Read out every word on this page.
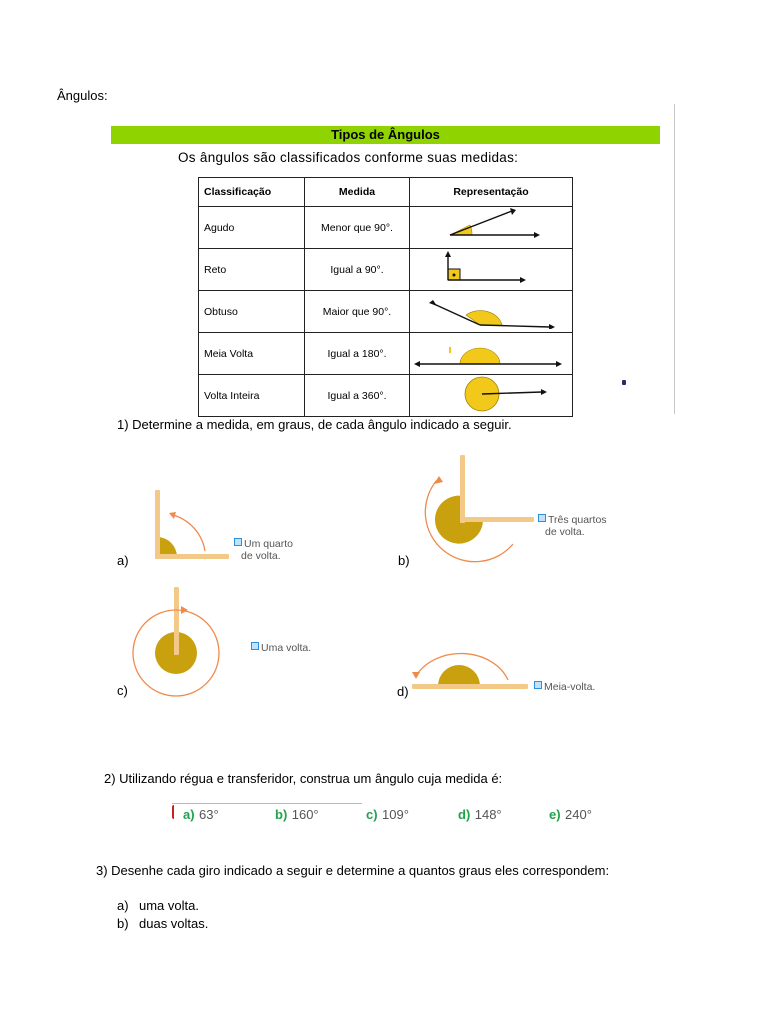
Ângulos:
Tipos de Ângulos
Os ângulos são classificados conforme suas medidas:
Classificação	Medida	Representação
Agudo	Menor que 90°.	
Reto	Igual a 90°.	
Obtuso	Maior que 90°.	
Meia Volta	Igual a 180°.	
Volta Inteira	Igual a 360°.	
1) Determine a medida, em graus, de cada ângulo indicado a seguir.
a)
Um quarto
de volta.	b)
Três quartos
de volta.
c)
Uma volta.
d)	Meia-volta.
2) Utilizando régua e transferidor, construa um ângulo cuja medida é:
a) 63°	b) 160°	c) 109°	d) 148°	e) 240°
3) Desenhe cada giro indicado a seguir e determine a quantos graus eles correspondem:
a) uma volta.
b) duas voltas.
